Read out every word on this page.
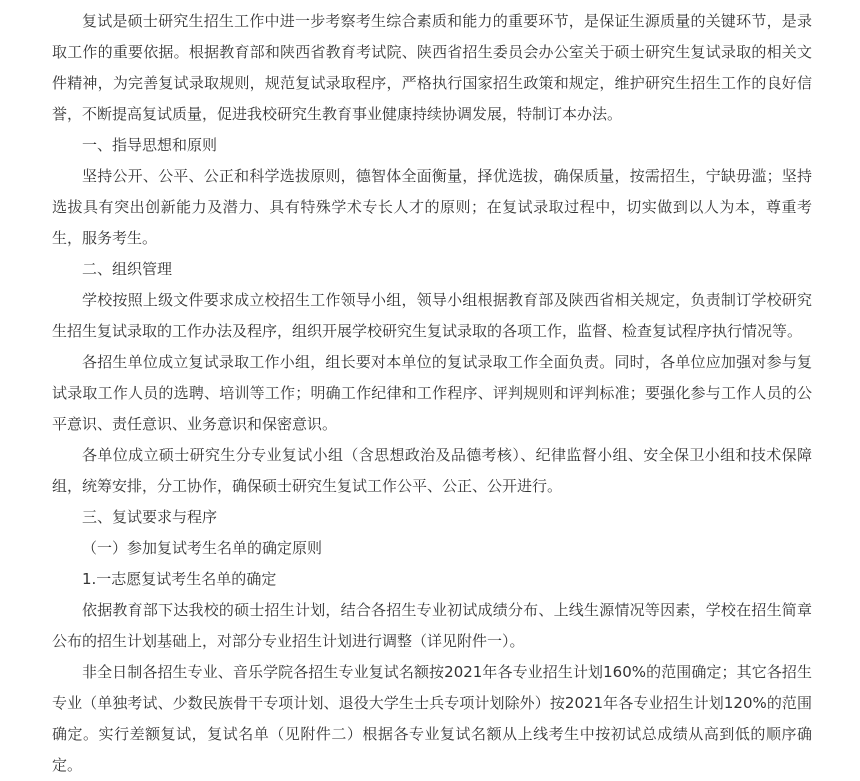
复试是硕士研究生招生工作中进一步考察考生综合素质和能力的重要环节，是保证生源质量的关键环节，是录取工作的重要依据。根据教育部和陕西省教育考试院、陕西省招生委员会办公室关于硕士研究生复试录取的相关文件精神，为完善复试录取规则，规范复试录取程序，严格执行国家招生政策和规定，维护研究生招生工作的良好信誉，不断提高复试质量，促进我校研究生教育事业健康持续协调发展，特制订本办法。

一、指导思想和原则

坚持公开、公平、公正和科学选拔原则，德智体全面衡量，择优选拔，确保质量，按需招生，宁缺毋滥；坚持选拔具有突出创新能力及潜力、具有特殊学术专长人才的原则；在复试录取过程中，切实做到以人为本，尊重考生，服务考生。

二、组织管理

学校按照上级文件要求成立校招生工作领导小组，领导小组根据教育部及陕西省相关规定，负责制订学校研究生招生复试录取的工作办法及程序，组织开展学校研究生复试录取的各项工作，监督、检查复试程序执行情况等。

各招生单位成立复试录取工作小组，组长要对本单位的复试录取工作全面负责。同时，各单位应加强对参与复试录取工作人员的选聘、培训等工作；明确工作纪律和工作程序、评判规则和评判标准；要强化参与工作人员的公平意识、责任意识、业务意识和保密意识。

各单位成立硕士研究生分专业复试小组（含思想政治及品德考核）、纪律监督小组、安全保卫小组和技术保障组，统筹安排，分工协作，确保硕士研究生复试工作公平、公正、公开进行。

三、复试要求与程序

（一）参加复试考生名单的确定原则

1.一志愿复试考生名单的确定

依据教育部下达我校的硕士招生计划，结合各招生专业初试成绩分布、上线生源情况等因素，学校在招生简章公布的招生计划基础上，对部分专业招生计划进行调整（详见附件一）。

非全日制各招生专业、音乐学院各招生专业复试名额按2021年各专业招生计划160%的范围确定；其它各招生专业（单独考试、少数民族骨干专项计划、退役大学生士兵专项计划除外）按2021年各专业招生计划120%的范围确定。实行差额复试，复试名单（见附件二）根据各专业复试名额从上线考生中按初试总成绩从高到低的顺序确定。
